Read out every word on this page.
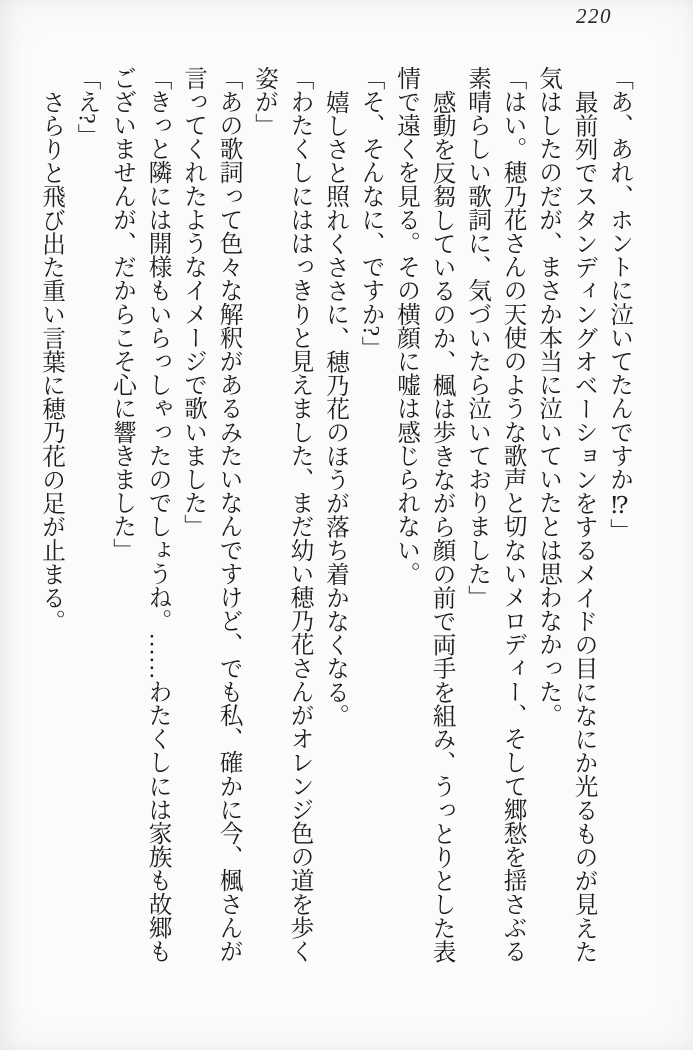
220

「あ、あれ、ホントに泣いてたんですか⁉」

最前列でスタンディングオベーションをするメイドの目になにか光るものが見えた気はしたのだが、まさか本当に泣いていたとは思わなかった。

「はい。穂乃花さんの天使のような歌声と切ないメロディー、そして郷愁を揺さぶる素晴らしい歌詞に、気づいたら泣いておりました」

感動を反芻しているのか、楓は歩きながら顔の前で両手を組み、うっとりとした表情で遠くを見る。その横顔に嘘は感じられない。

「そ、そんなに、ですか?」

嬉しさと照れくささに、穂乃花のほうが落ち着かなくなる。

「わたくしにははっきりと見えました、まだ幼い穂乃花さんがオレンジ色の道を歩く姿が」

「あの歌詞って色々な解釈があるみたいなんですけど、でも私、確かに今、楓さんが言ってくれたようなイメージで歌いました」

「きっと隣には開様もいらっしゃったのでしょうね。……わたくしには家族も故郷もございませんが、だからこそ心に響きました」

「え?」

さらりと飛び出た重い言葉に穂乃花の足が止まる。
